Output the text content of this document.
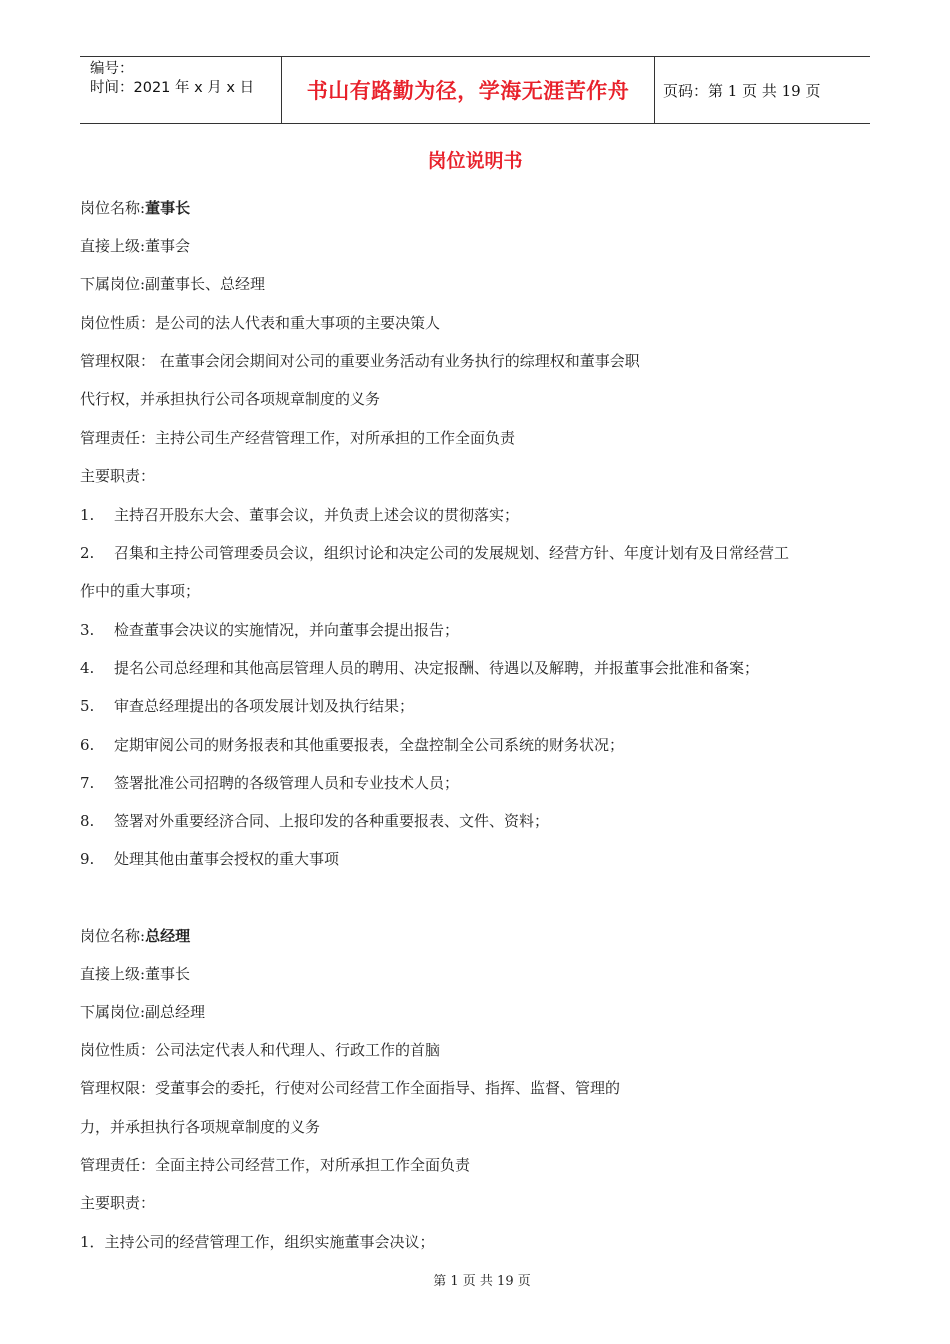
编号：
时间：2021 年 x 月 x 日	书山有路勤为径，学海无涯苦作舟	页码：第 1 页 共 19 页
岗位说明书
岗位名称:董事长
直接上级:董事会
下属岗位:副董事长、总经理
岗位性质：是公司的法人代表和重大事项的主要决策人
管理权限： 在董事会闭会期间对公司的重要业务活动有业务执行的综理权和董事会职
代行权，并承担执行公司各项规章制度的义务
管理责任：主持公司生产经营管理工作，对所承担的工作全面负责
主要职责：
1. 主持召开股东大会、董事会议，并负责上述会议的贯彻落实；
2. 召集和主持公司管理委员会议，组织讨论和决定公司的发展规划、经营方针、年度计划有及日常经营工
作中的重大事项；
3. 检查董事会决议的实施情况，并向董事会提出报告；
4. 提名公司总经理和其他高层管理人员的聘用、决定报酬、待遇以及解聘，并报董事会批准和备案；
5. 审查总经理提出的各项发展计划及执行结果；
6. 定期审阅公司的财务报表和其他重要报表，全盘控制全公司系统的财务状况；
7. 签署批准公司招聘的各级管理人员和专业技术人员；
8. 签署对外重要经济合同、上报印发的各种重要报表、文件、资料；
9. 处理其他由董事会授权的重大事项
岗位名称:总经理
直接上级:董事长
下属岗位:副总经理
岗位性质：公司法定代表人和代理人、行政工作的首脑
管理权限：受董事会的委托，行使对公司经营工作全面指导、指挥、监督、管理的
力，并承担执行各项规章制度的义务
管理责任：全面主持公司经营工作，对所承担工作全面负责
主要职责：
1．主持公司的经营管理工作，组织实施董事会决议；
第 1 页 共 19 页
